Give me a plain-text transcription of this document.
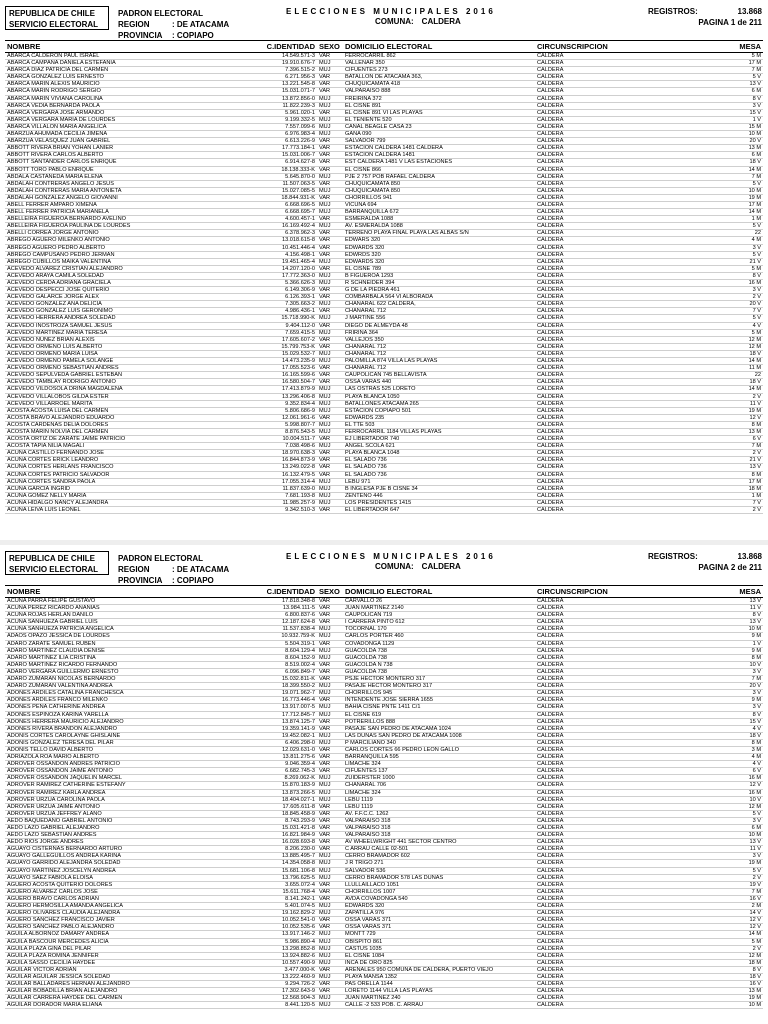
REPUBLICA DE CHILE
SERVICIO ELECTORAL
PADRON ELECTORAL
REGION	: DE ATACAMA
PROVINCIA : COPIAPO
ELECCIONES MUNICIPALES 2016
COMUNA: CALDERA
REGISTROS:	13.868
PAGINA 1 de 211
NOMBRE	C.IDENTIDAD	SEXO	DOMICILIO ELECTORAL	CIRCUNSCRIPCION	MESA
ABARCA CALDERON PAUL ISRAEL	14.549.571-3	VAR	FERROCARRIL 862	CALDERA	5 M
ABARCA CAMPAÑA DANIELA ESTEFANIA	19.910.676-7	MUJ	VALLENAR 350	CALDERA	17 M
ABARCA DIAZ PATRICIA DEL CARMEN	7.396.515-2	MUJ	CIFUENTES 273	CALDERA	7 M
ABARCA GONZALEZ LUIS ERNESTO	6.271.956-3	VAR	BATALLON DE ATACAMA 363,	CALDERA	5 V
ABARCA MARIN ALEXIS MAURICIO	13.221.545-8	VAR	CHUQUICAMATA 418	CALDERA	13 V
ABARCA MARIN RODRIGO SERGIO	15.031.071-7	VAR	VALPARAISO 888	CALDERA	6 M
ABARCA MARIN VIVIANA CAROLINA	13.872.856-0	MUJ	FREIRINA 372	CALDERA	8 V
ABARCA VEDIA BERNARDA PAOLA	11.822.239-3	MUJ	EL CISNE 891	CALDERA	3 V
ABARCA VERGARA JOSE ARMANDO	5.961.020-1	VAR	EL CISNE 891 VI LAS PLAYAS	CALDERA	15 V
ABARCA VERGARA MARIA DE LOURDES	9.199.332-5	MUJ	EL TENIENTE 520	CALDERA	1 V
ABARCA VILLALON MARIA ANGELICA	7.557.099-6	MUJ	CANAL BEAGLE CASA 23	CALDERA	15 M
ABARZUA AHUMADA CECILIA JIMENA	6.976.983-4	MUJ	GANA 090	CALDERA	10 M
ABARZUA VELASQUEZ JUAN GABRIEL	6.613.226-9	VAR	SALVADOR 799	CALDERA	20 V
ABBOTT RIVERA BRIAN YOHAN LANIER	17.773.184-1	VAR	ESTACION CALDERA 1481 CALDERA	CALDERA	13 M
ABBOTT RIVERA CARLOS ALBERTO	15.031.006-7	VAR	ESTACION CALDERA 1481	CALDERA	6 M
ABBOTT SANTANDER CARLOS ENRIQUE	6.914.627-8	VAR	EST CALDERA 1481 V LAS ESTACIONES	CALDERA	18 V
ABBOTT TORO PABLO ENRIQUE	18.138.333-K	VAR	EL CISNE 866	CALDERA	14 M
ABDALA CASTAÑEDA MARIA ELENA	5.645.870-0	MUJ	PJE 2 757 POB RAFAEL CALDERA	CALDERA	7 M
ABDALAH CONTRERAS ANGELO JESUS	11.507.063-5	VAR	CHUQUICAMATA 850	CALDERA	5 V
ABDALAH CONTRERAS MARIA ANTONIETA	15.027.085-5	MUJ	CHUQUICAMATA 850	CALDERA	10 M
ABDALAH GONZALEZ ANGELO GIOVANNI	18.844.931-K	VAR	CHORRILLOS 941	CALDERA	19 M
ABELL FERRER AMPARO XIMENA	6.668.696-5	MUJ	VICUÑA 694	CALDERA	17 M
ABELL FERRER PATRICIA MARIANELA	6.668.695-7	MUJ	BARRANQUILLA 672	CALDERA	14 M
ABELLEIRA FIGUEROA BERNARDO AVELINO	4.600.457-1	VAR	ESMERALDA 1088	CALDERA	1 M
ABELLEIRA FIGUEROA PAULINA DE LOURDES	16.169.492-4	MUJ	AV. ESMERALDA 1088	CALDERA	5 V
ABELLI CORREA JORGE ANTONIO	6.378.962-3	VAR	TERRENO PLAYA FINAL PLAYA LAS ALBAS S/N	CALDERA	22
ABREGO AGUERO MILENKO ANTONIO	13.018.615-8	VAR	EDWARS 320	CALDERA	4 M
ABREGO AGUERO PEDRO ALBERTO	10.451.446-4	VAR	EDWARDS 320	CALDERA	3 V
ABREGO CAMPUSANO PEDRO JERMAN	4.156.498-1	VAR	EDWRDS 320	CALDERA	5 V
ABREGO CUBILLOS MAIKA VALENTINA	19.451.465-4	MUJ	EDWARDS 320	CALDERA	21 V
ACEVEDO ALVAREZ CRISTIAN ALEJANDRO	14.207.120-0	VAR	EL CISNE 789	CALDERA	5 M
ACEVEDO ARAYA CAMILA SOLEDAD	17.772.363-0	MUJ	B FIGUEROA 1293	CALDERA	8 V
ACEVEDO CERDA ADRIANA GRACIELA	5.366.626-3	MUJ	R SCHNEIDER 394	CALDERA	16 M
ACEVEDO DESPECCI JOSE QUITERIO	6.149.306-9	VAR	G DE LA PIEDRA 461	CALDERA	3 V
ACEVEDO GALARCE JORGE ALEX	6.126.393-1	VAR	COMBARBALA 564 VI ALBORADA	CALDERA	2 V
ACEVEDO GONZALEZ ANA DELICIA	7.305.663-2	MUJ	CHAÑARAL 622 CALDERA,	CALDERA	20 V
ACEVEDO GONZALEZ LUIS GERONIMO	4.986.436-1	VAR	CHAÑARAL 712	CALDERA	7 V
ACEVEDO HERRERA ANDREA SOLEDAD	15.718.990-K	MUJ	J MARTINE 556	CALDERA	5 V
ACEVEDO INOSTROZA SAMUEL JESUS	9.404.112-0	VAR	DIEGO DE ALMEYDA 48	CALDERA	4 V
ACEVEDO MARTINEZ MARIA TERESA	7.659.415-5	MUJ	FRIRINA 364	CALDERA	5 M
ACEVEDO NUÑEZ BRIAN ALEXIS	17.605.607-2	VAR	VALLEJOS 350	CALDERA	12 M
ACEVEDO ORMEÑO LUIS ALBERTO	15.799.753-K	VAR	CHAÑARAL 712	CALDERA	12 M
ACEVEDO ORMEÑO MARIA LUISA	15.029.532-7	MUJ	CHAÑARAL 712	CALDERA	18 V
ACEVEDO ORMEÑO PAMELA SOLANGE	14.473.235-9	MUJ	PALOMILLA 874 VILLA LAS PLAYAS	CALDERA	14 M
ACEVEDO ORMEÑO SEBASTIAN ANDRES	17.055.523-6	VAR	CHAÑARAL 712	CALDERA	11 M
ACEVEDO SEPULVEDA GABRIEL ESTEBAN	16.165.599-6	VAR	CAUPOLICAN 745 BELLAVISTA	CALDERA	22
ACEVEDO TAMBLAY RODRIGO ANTONIO	16.580.504-7	VAR	OSSA VARAS 440	CALDERA	18 V
ACEVEDO VILDOSOLA DRINA MAGDALENA	17.413.879-9	MUJ	LAS OSTRAS 525 LORETO	CALDERA	14 M
ACEVEDO VILLALOBOS GILDA ESTER	13.296.406-8	MUJ	PLAYA BLANCA 1050	CALDERA	2 V
ACEVEDO VILLARROEL MARITA	9.352.834-4	MUJ	BATALLONES ATACAMA 265	CALDERA	11 V
ACOSTA ACOSTA LUISA DEL CARMEN	5.806.686-9	MUJ	ESTACION COPIAPO 501	CALDERA	19 M
ACOSTA BRAVO ALEJANDRO EDUARDO	12.061.961-6	VAR	EDWARDS 235	CALDERA	12 V
ACOSTA CARDENAS DELIA DOLORES	5.998.807-7	MUJ	EL TTE 503	CALDERA	8 M
ACOSTA MARIN NOLVIA DEL CARMEN	8.876.543-5	MUJ	FERROCARRIL 1184 VILLAS PLAYAS	CALDERA	13 M
ACOSTA ORTIZ DE ZARATE JAIME PATRICIO	10.004.511-7	VAR	EJ LIBERTADOR 740	CALDERA	6 V
ACOSTA TAPIA NILIA MAGALI	7.038.498-6	MUJ	ANGEL SCOLA 621	CALDERA	7 M
ACUÑA CASTILLO FERNANDO JOSE	18.970.638-3	VAR	PLAYA BLANCA 1048	CALDERA	2 V
ACUÑA CORTES ERICK LEANDRO	16.844.873-9	VAR	EL SALADO 736	CALDERA	21 V
ACUÑA CORTES HERLANS FRANCISCO	13.249.022-8	VAR	EL SALADO 736	CALDERA	13 V
ACUÑA CORTES PATRICIO SALVADOR	16.132.479-5	VAR	EL SALADO 736	CALDERA	8 M
ACUÑA CORTES SANDRA PAOLA	17.055.314-4	MUJ	LEBU 971	CALDERA	17 M
ACUÑA GARCIA INGRID	11.837.639-0	MUJ	B INGLESA PJE B CISNE 34	CALDERA	18 M
ACUÑA GOMEZ NELLY MARIA	7.681.193-8	MUJ	ZENTENO 446	CALDERA	1 M
ACUÑA HIDALGO NANCY ALEJANDRA	11.985.257-9	MUJ	LOS PRESIDENTES 1415	CALDERA	7 V
ACUÑA LEIVA LUIS LEONEL	9.342.510-3	VAR	EL LIBERTADOR 647	CALDERA	2 V
REPUBLICA DE CHILE
SERVICIO ELECTORAL
PADRON ELECTORAL
REGION	: DE ATACAMA
PROVINCIA : COPIAPO
ELECCIONES MUNICIPALES 2016
COMUNA: CALDERA
REGISTROS:	13.868
PAGINA 2 de 211
NOMBRE	C.IDENTIDAD	SEXO	DOMICILIO ELECTORAL	CIRCUNSCRIPCION	MESA
ACUÑA PARRA FELIPE GUSTAVO	17.818.348-8	VAR	CARVALLO 26	CALDERA	13 V
ACUÑA PEREZ RICARDO ANANIAS	13.984.111-5	VAR	JUAN MARTINEZ 2140	CALDERA	11 V
ACUÑA ROJAS HERLAN DANILO	6.800.837-6	VAR	CAUPOLICAN 719	CALDERA	8 V
ACUÑA SANHUEZA GABRIEL LUIS	12.187.624-8	VAR	I CARRERA PINTO 612	CALDERA	13 V
ACUÑA SANHUEZA PATRICIA ANGELICA	11.537.838-4	MUJ	TOCORNAL 170	CALDERA	10 M
ADAOS OPAZO JESSICA DE LOURDES	10.932.759-K	MUJ	CARLOS PORTER 460	CALDERA	9 M
ADARO ZARATE SAMUEL RUBEN	5.504.319-1	VAR	COVADONGA 1129	CALDERA	1 V
ADARO MARTINEZ CLAUDIA DENISE	8.604.129-4	MUJ	GUACOLDA 738	CALDERA	9 M
ADARO MARTINEZ ILIA CRISTINA	8.604.152-9	MUJ	GUACOLDA 738	CALDERA	8 M
ADARO MARTINEZ RICARDO FERNANDO	8.519.002-4	VAR	GUACOLDA N 738	CALDERA	10 V
ADARO VERGARA GUILLERMO ERNESTO	6.096.849-7	VAR	GUACOLDA 738	CALDERA	3 V
ADARO ZUMARAN NICOLAS BERNARDO	15.032.811-K	VAR	PSJE HECTOR MONTERO 317	CALDERA	7 M
ADARO ZUMARAN VALENTINA ANDREA	18.399.550-2	MUJ	PASAJE HECTOR MONTERO 317	CALDERA	20 V
ADONES ARDILES CATALINA FRANCHESCA	19.071.962-7	MUJ	CHORRILLOS 945	CALDERA	3 V
ADONES ARDILES FRANCO MILENKO	16.773.446-4	VAR	INTENDENTE JOSE SIERRA 1655	CALDERA	9 M
ADONES PEÑA CATHERINE ANDREA	13.917.007-5	MUJ	BAHIA CISNE PNTE 1411 C/1	CALDERA	3 V
ADONES ESPINOZA KARINA YARELLA	17.712.845-7	MUJ	EL CISNE 619	CALDERA	8 V
ADONES HERRERA MAURICIO ALEJANDRO	13.874.125-7	VAR	POTRERILLOS 888	CALDERA	15 V
ADONES RIVERA BRANDON ALEJANDRO	19.359.141-9	VAR	PASAJE SAN PEDRO DE ATACAMA 1024	CALDERA	4 V
ADONIS CORTES CAROLAYNE GHISLAINE	19.452.082-1	MUJ	LAS DUNAS SAN PEDRO DE ATACAMA 1008	CALDERA	18 V
ADONIS GONZALEZ TERESA DEL PILAR	6.406.298-0	MUJ	P MARCILIANO 340	CALDERA	8 M
ADONIS TELLO DAVID ALBERTO	12.029.631-0	VAR	CARLOS CORTES 66 PEDRO LEON GALLO	CALDERA	3 M
ADRIAZOLA ROA MARIO ALBERTO	13.811.275-6	VAR	BARRANQUILLA 595	CALDERA	4 M
ADROVER OSSANDON ANDRES PATRICIO	9.046.359-4	VAR	LIMACHE 324	CALDERA	4 V
ADROVER OSSANDON JAIME ANTONIO	6.682.745-3	VAR	CIFUENTES 137	CALDERA	6 V
ADROVER OSSANDON JAQUELIN MARCEL	8.269.062-K	MUJ	ZUIDERSTER 1000	CALDERA	16 M
ADROVER RAMIREZ CATHERINE ESTEFANY	15.870.183-9	MUJ	CHAÑARAL 706	CALDERA	12 V
ADROVER RAMIREZ KARLA ANDREA	13.873.266-5	MUJ	LIMACHE 324	CALDERA	16 M
ADROVER URZUA CAROLINA PAOLA	18.404.027-1	MUJ	LEBU 1119	CALDERA	10 V
ADROVER URZUA JAIME ANTONIO	17.605.611-8	VAR	LEBU 1119	CALDERA	12 M
ADROVER URZUA JEFFREY ALANO	18.845.458-9	VAR	AV. F.F.C.C. 1262	CALDERA	5 V
AEDO BAQUEDANO GABRIEL ANTONIO	8.743.293-9	VAR	VALPARAISO 318	CALDERA	3 V
AEDO LAZO GABRIEL ALEJANDRO	15.031.421-8	VAR	VALPARAISO 318	CALDERA	6 M
AEDO LAZO SEBASTIAN ANDRES	16.821.984-9	VAR	VALPARAISO 318	CALDERA	10 M
AEDO RIOS JORGE ANDRES	16.028.693-8	VAR	AV WHEELWRIGHT 441 SECTOR CENTRO	CALDERA	13 V
AGUAYO CISTERNAS BERNARDO ARTURO	8.206.230-0	VAR	C ARRAU CALLE 02-501	CALDERA	11 V
AGUAYO GALLEGUILLOS ANDREA KARINA	13.885.495-7	MUJ	CERRO BRAMADOR 602	CALDERA	3 V
AGUAYO GARRIDO ALEJANDRA SOLEDAD	14.354.058-8	MUJ	J R TRIGO 271	CALDERA	19 M
AGUAYO MARTINEZ JOSCELYN ANDREA	15.681.106-8	MUJ	SALVADOR 536	CALDERA	5 V
AGUAYO SAEZ FABIOLA ELOISA	13.796.625-5	MUJ	CERRO BRAMADOR 578 LAS DUNAS	CALDERA	2 V
AGUERO ACOSTA QUITERIO DOLORES	3.655.072-4	VAR	LLULLAILLACO 1051	CALDERA	19 V
AGUERO ALVAREZ CARLOS JOSE	15.611.768-4	VAR	CHORRILLOS 1007	CALDERA	7 M
AGUERO BRAVO CARLOS ADRIAN	8.141.242-1	VAR	AVDA COVADONGA 540	CALDERA	16 V
AGUERO HERMOSILLA AMANDA ANGELICA	5.401.074-5	MUJ	EDWARDS 320	CALDERA	2 M
AGUERO OLIVARES CLAUDIA ALEJANDRA	19.162.829-2	MUJ	ZAPATILLA 976	CALDERA	14 V
AGUERO SANCHEZ FRANCISCO JAVIER	10.052.541-0	VAR	OSSA VARAS 371	CALDERA	12 V
AGUERO SANCHEZ PABLO ALEJANDRO	10.052.535-6	VAR	OSSA VARAS 371	CALDERA	12 V
AGUILA ALBORNOZ DAMARY ANDREA	13.917.146-2	MUJ	MONTT 729	CALDERA	14 M
AGUILA BASCOUR MERCEDES ALICIA	5.986.890-4	MUJ	OBISPITO 861	CALDERA	5 M
AGUILA PLAZA GINA DEL PILAR	13.298.852-8	MUJ	CASTUS 1035	CALDERA	2 V
AGUILA PLAZA ROMINA JENNIFER	13.924.882-6	MUJ	EL CISNE 1084	CALDERA	12 M
AGUILA SASSO CECILIA HAYDEE	10.557.490-9	MUJ	INCA DE ORO 825	CALDERA	18 M
AGUILAR VICTOR ADRIAN	3.477.000-K	VAR	ARENALES 950 COMUNA DE CALDERA, PUERTO VIEJO	CALDERA	8 V
AGUILAR AGUILAR JESSICA SOLEDAD	13.222.460-9	MUJ	PLAYA MANSA 1352	CALDERA	18 V
AGUILAR BALLADARES HERNAN ALEJANDRO	9.294.726-2	VAR	PAS ORELLA 1144	CALDERA	16 V
AGUILAR BOBADILLA BRIAN ALEJANDRO	17.302.643-9	VAR	LORETO 1144 VILLA LAS PLAYAS	CALDERA	13 M
AGUILAR CARRERA HAYDEE DEL CARMEN	12.568.904-3	MUJ	JUAN MARTINEZ 240	CALDERA	19 M
AGUILAR DORADOR MARIA ELIANA	8.441.120-5	MUJ	CALLE -2 533 POB. C. ARRAU	CALDERA	10 M
